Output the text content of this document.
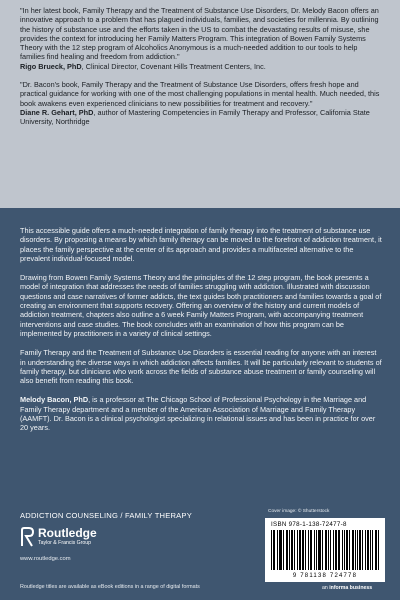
"In her latest book, Family Therapy and the Treatment of Substance Use Disorders, Dr. Melody Bacon offers an innovative approach to a problem that has plagued individuals, families, and societies for millennia. By outlining the history of substance use and the efforts taken in the US to combat the devastating results of misuse, she provides the context for introducing her Family Matters Program. This integration of Bowen Family Systems Theory with the 12 step program of Alcoholics Anonymous is a much-needed addition to our tools to help families find healing and freedom from addiction."

Rigo Brueck, PhD, Clinical Director, Covenant Hills Treatment Centers, Inc.

"Dr. Bacon's book, Family Therapy and the Treatment of Substance Use Disorders, offers fresh hope and practical guidance for working with one of the most challenging populations in mental health. Much needed, this book awakens even experienced clinicians to new possibilities for treatment and recovery."

Diane R. Gehart, PhD, author of Mastering Competencies in Family Therapy and Professor, California State University, Northridge

This accessible guide offers a much-needed integration of family therapy into the treatment of substance use disorders. By proposing a means by which family therapy can be moved to the forefront of addiction treatment, it places the family perspective at the center of its approach and provides a multifaceted alternative to the prevalent individual-focused model.

Drawing from Bowen Family Systems Theory and the principles of the 12 step program, the book presents a model of integration that addresses the needs of families struggling with addiction. Illustrated with discussion questions and case narratives of former addicts, the text guides both practitioners and families towards a goal of creating an environment that supports recovery. Offering an overview of the history and current models of addiction treatment, chapters also outline a 6 week Family Matters Program, with accompanying treatment interventions and case studies. The book concludes with an examination of how this program can be implemented by practitioners in a variety of clinical settings.

Family Therapy and the Treatment of Substance Use Disorders is essential reading for anyone with an interest in understanding the diverse ways in which addiction affects families. It will be particularly relevant to students of family therapy, but clinicians who work across the fields of substance abuse treatment or family counseling will also benefit from reading this book.

Melody Bacon, PhD, is a professor at The Chicago School of Professional Psychology in the Marriage and Family Therapy department and a member of the American Association of Marriage and Family Therapy (AAMFT). Dr. Bacon is a clinical psychologist specializing in relational issues and has been in practice for over 20 years.

ADDICTION COUNSELING / FAMILY THERAPY
Routledge
Taylor & Francis Group
www.routledge.com
Routledge titles are available as eBook editions in a range of digital formats
Cover image: © Shutterstock
ISBN 978-1-138-72477-8
9 781138 724778
an informa business
